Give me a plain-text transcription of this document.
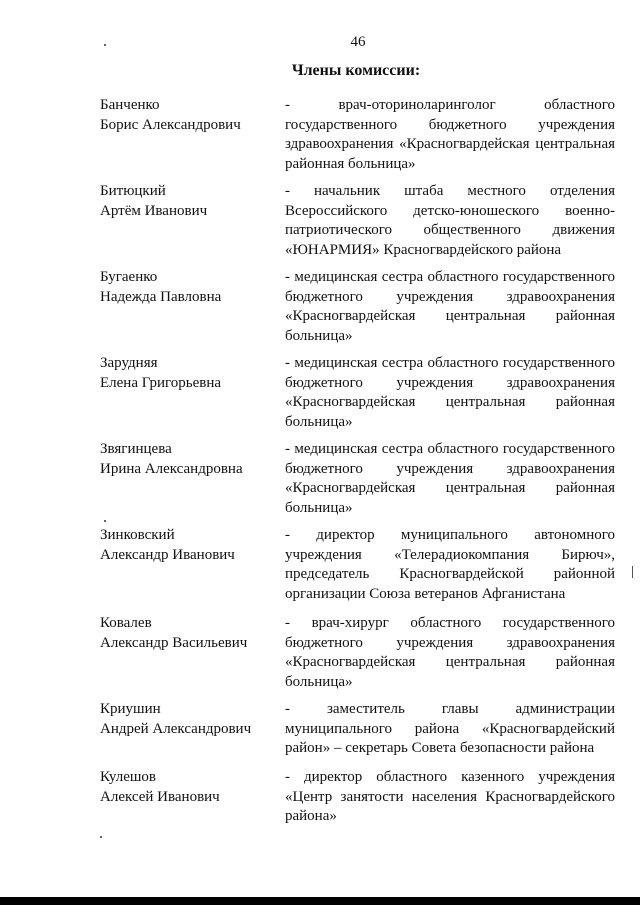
46
Члены комиссии:
Банченко
Борис Александрович
- врач-оториноларинголог областного государственного бюджетного учреждения здравоохранения «Красногвардейская центральная районная больница»
Битюцкий
Артём Иванович
- начальник штаба местного отделения Всероссийского детско-юношеского военно-патриотического общественного движения «ЮНАРМИЯ» Красногвардейского района
Бугаенко
Надежда Павловна
- медицинская сестра областного государственного бюджетного учреждения здравоохранения «Красногвардейская центральная районная больница»
Зарудняя
Елена Григорьевна
- медицинская сестра областного государственного бюджетного учреждения здравоохранения «Красногвардейская центральная районная больница»
Звягинцева
Ирина Александровна
- медицинская сестра областного государственного бюджетного учреждения здравоохранения «Красногвардейская центральная районная больница»
Зинковский
Александр Иванович
- директор муниципального автономного учреждения «Телерадиокомпания Бирюч», председатель Красногвардейской районной организации Союза ветеранов Афганистана
Ковалев
Александр Васильевич
- врач-хирург областного государственного бюджетного учреждения здравоохранения «Красногвардейская центральная районная больница»
Криушин
Андрей Александрович
- заместитель главы администрации муниципального района «Красногвардейский район» – секретарь Совета безопасности района
Кулешов
Алексей Иванович
- директор областного казенного учреждения «Центр занятости населения Красногвардейского района»
